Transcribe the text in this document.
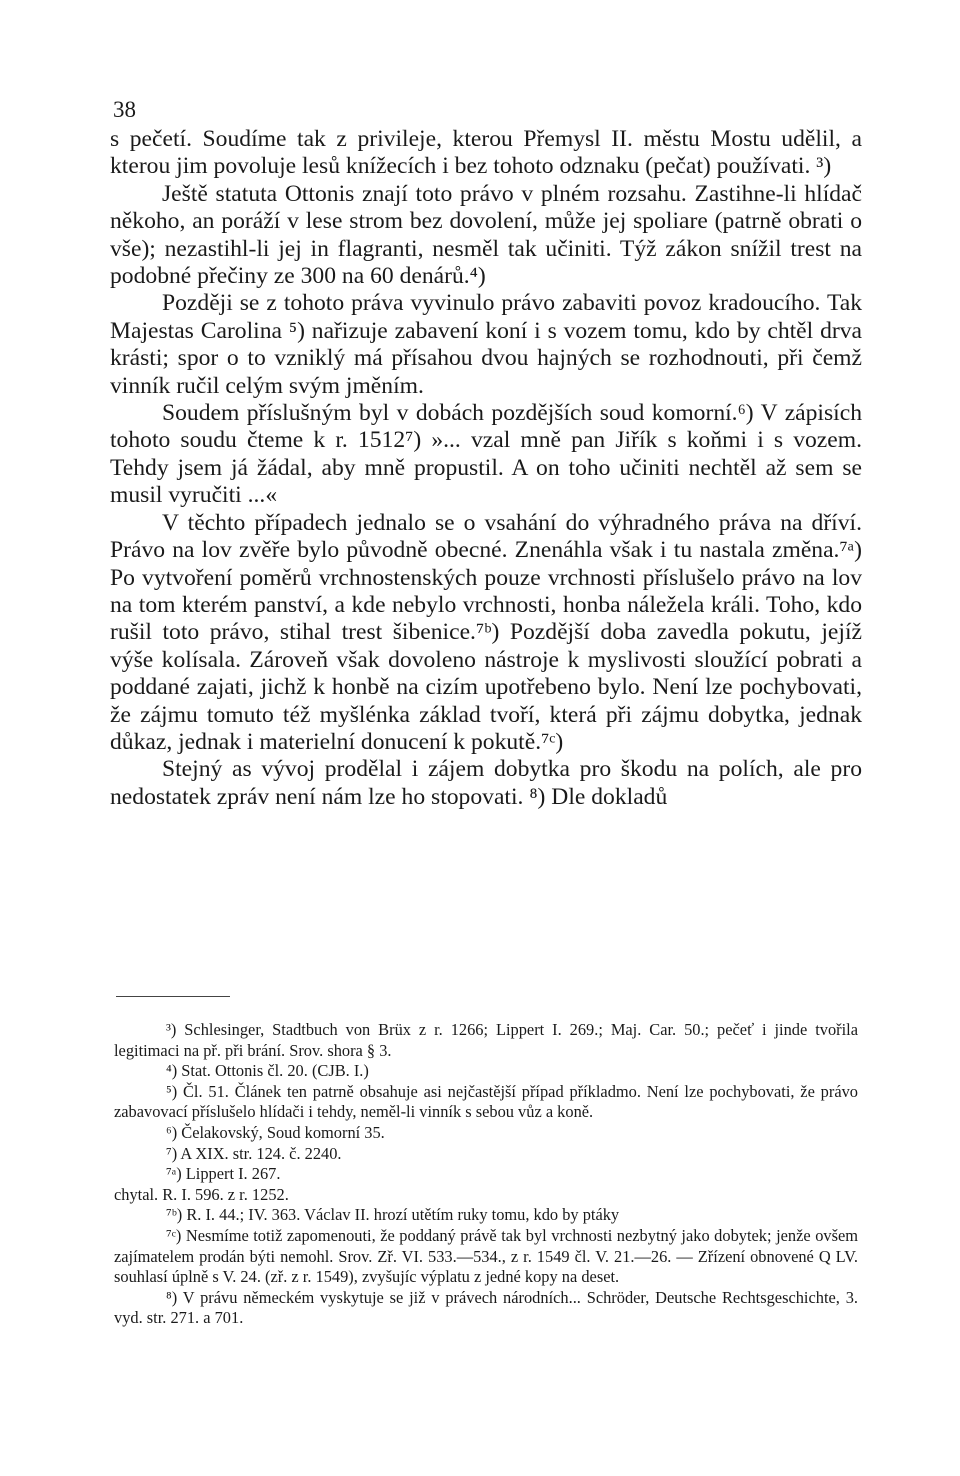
38

s pečetí. Soudíme tak z privileje, kterou Přemysl II. městu Mostu udělil, a kterou jim povoluje lesů knížecích i bez tohoto odznaku (pečat) používati. ³)

Ještě statuta Ottonis znají toto právo v plném rozsahu. Zastihne-li hlídač někoho, an poráží v lese strom bez dovolení, může jej spoliare (patrně obrati o vše); nezastihl-li jej in flagranti, nesměl tak učiniti. Týž zákon snížil trest na podobné přečiny ze 300 na 60 denárů.⁴)

Později se z tohoto práva vyvinulo právo zabaviti povoz kradoucího. Tak Majestas Carolina ⁵) nařizuje zabavení koní i s vozem tomu, kdo by chtěl drva krásti; spor o to vzniklý má přísahou dvou hajných se rozhodnouti, při čemž vinník ručil celým svým jměním.

Soudem příslušným byl v dobách pozdějších soud komorní.⁶) V zápisích tohoto soudu čteme k r. 1512⁷) »... vzal mně pan Jiřík s koňmi i s vozem. Tehdy jsem já žádal, aby mně propustil. A on toho učiniti nechtěl až sem se musil vyručiti ...«

V těchto případech jednalo se o vsahání do výhradného práva na dříví. Právo na lov zvěře bylo původně obecné. Znenáhla však i tu nastala změna.⁷ᵃ) Po vytvoření poměrů vrchnostenských pouze vrchnosti příslušelo právo na lov na tom kterém panství, a kde nebylo vrchnosti, honba náležela králi. Toho, kdo rušil toto právo, stihal trest šibenice.⁷ᵇ) Pozdější doba zavedla pokutu, jejíž výše kolísala. Zároveň však dovoleno nástroje k myslivosti sloužící pobrati a poddané zajati, jichž k honbě na cizím upotřebeno bylo. Není lze pochybovati, že zájmu tomuto též myšlénka základ tvoří, která při zájmu dobytka, jednak důkaz, jednak i materielní donucení k pokutě.⁷ᶜ)

Stejný as vývoj prodělal i zájem dobytka pro škodu na polích, ale pro nedostatek zpráv není nám lze ho stopovati. ⁸) Dle dokladů

³) Schlesinger, Stadtbuch von Brüx z r. 1266; Lippert I. 269.; Maj. Car. 50.; pečeť i jinde tvořila legitimaci na př. při brání. Srov. shora § 3.

⁴) Stat. Ottonis čl. 20. (CJB. I.)

⁵) Čl. 51. Článek ten patrně obsahuje asi nejčastější případ příkladmo. Není lze pochybovati, že právo zabavovací příslušelo hlídači i tehdy, neměl-li vinník s sebou vůz a koně.

⁶) Čelakovský, Soud komorní 35.

⁷) A XIX. str. 124. č. 2240.

⁷ᵃ) Lippert I. 267.

chytal. R. I. 596. z r. 1252.

⁷ᵇ) R. I. 44.; IV. 363. Václav II. hrozí utětím ruky tomu, kdo by ptáky

⁷ᶜ) Nesmíme totiž zapomenouti, že poddaný právě tak byl vrchnosti nezbytný jako dobytek; jenže ovšem zajímatelem prodán býti nemohl. Srov. Zř. VI. 533.—534., z r. 1549 čl. V. 21.—26. — Zřízení obnovené Q LV. souhlasí úplně s V. 24. (zř. z r. 1549), zvyšujíc výplatu z jedné kopy na deset.

⁸) V právu německém vyskytuje se již v právech národních... Schröder, Deutsche Rechtsgeschichte, 3. vyd. str. 271. a 701.
